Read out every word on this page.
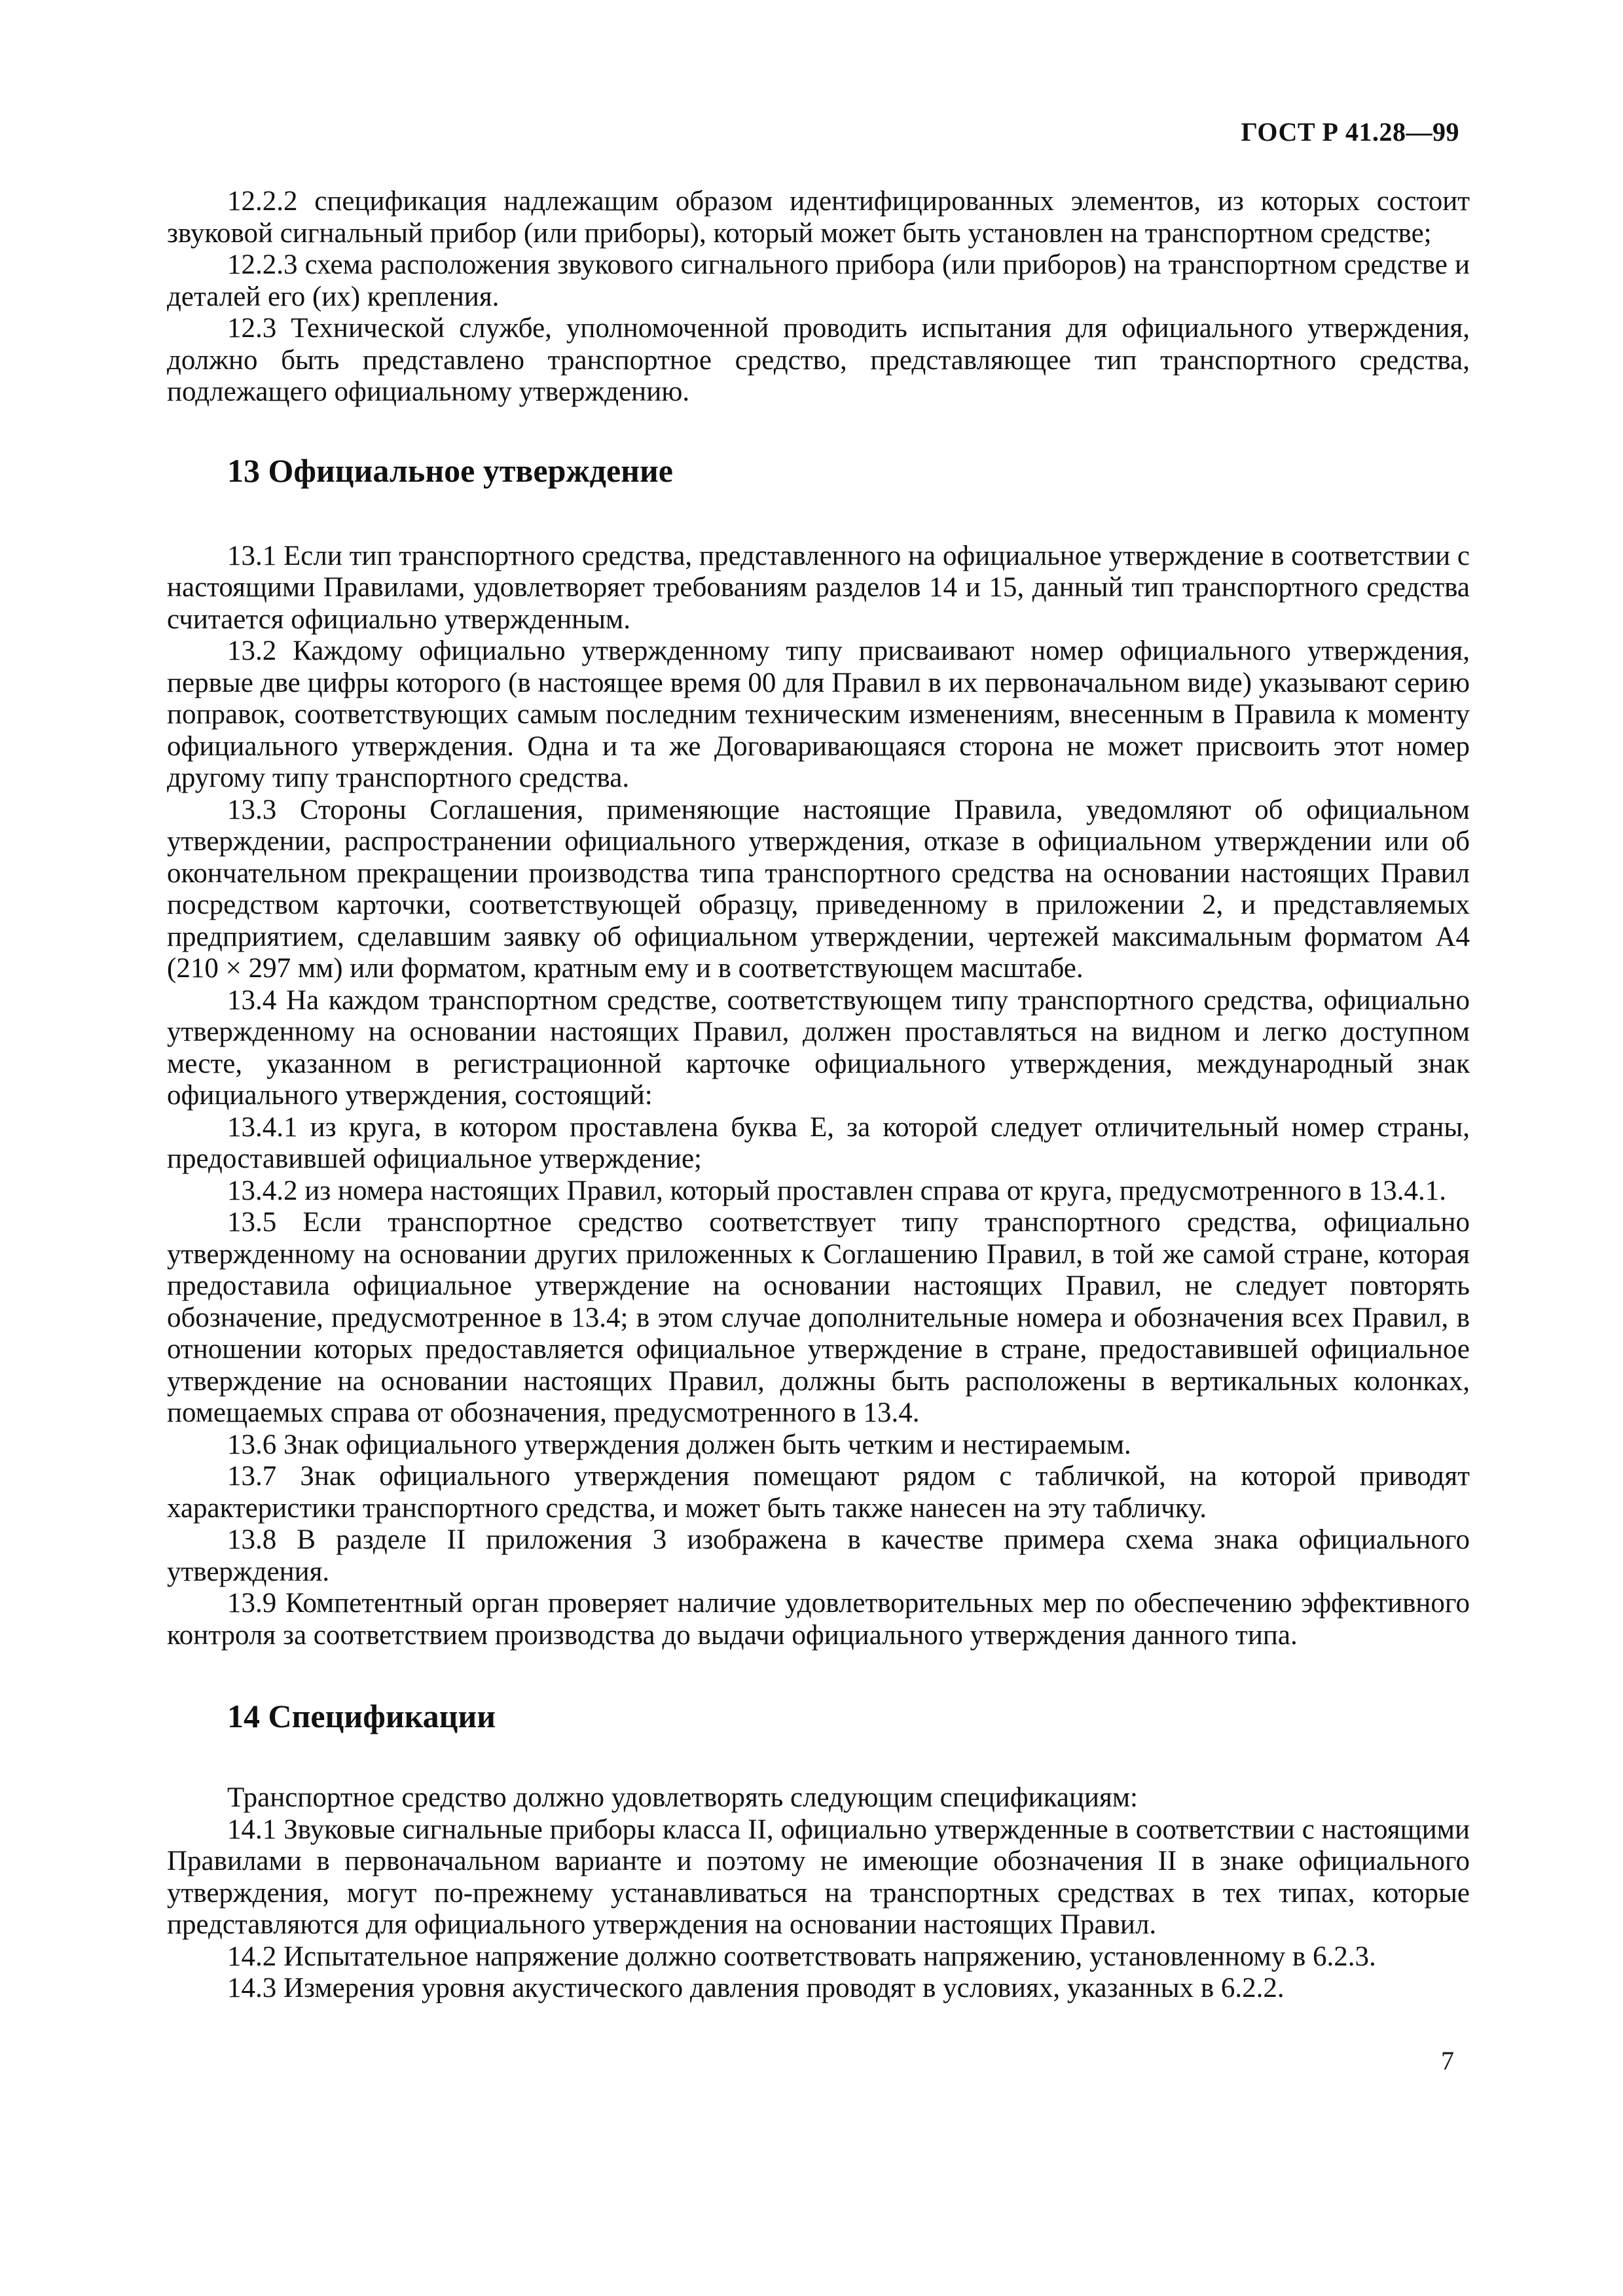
ГОСТ Р 41.28—99

12.2.2 спецификация надлежащим образом идентифицированных элементов, из которых состоит звуковой сигнальный прибор (или приборы), который может быть установлен на транспортном средстве;

12.2.3 схема расположения звукового сигнального прибора (или приборов) на транспортном средстве и деталей его (их) крепления.

12.3 Технической службе, уполномоченной проводить испытания для официального утверждения, должно быть представлено транспортное средство, представляющее тип транспортного средства, подлежащего официальному утверждению.

13 Официальное утверждение

13.1 Если тип транспортного средства, представленного на официальное утверждение в соответствии с настоящими Правилами, удовлетворяет требованиям разделов 14 и 15, данный тип транспортного средства считается официально утвержденным.

13.2 Каждому официально утвержденному типу присваивают номер официального утверждения, первые две цифры которого (в настоящее время 00 для Правил в их первоначальном виде) указывают серию поправок, соответствующих самым последним техническим изменениям, внесенным в Правила к моменту официального утверждения. Одна и та же Договаривающаяся сторона не может присвоить этот номер другому типу транспортного средства.

13.3 Стороны Соглашения, применяющие настоящие Правила, уведомляют об официальном утверждении, распространении официального утверждения, отказе в официальном утверждении или об окончательном прекращении производства типа транспортного средства на основании настоящих Правил посредством карточки, соответствующей образцу, приведенному в приложении 2, и представляемых предприятием, сделавшим заявку об официальном утверждении, чертежей максимальным форматом А4 (210 × 297 мм) или форматом, кратным ему и в соответствующем масштабе.

13.4 На каждом транспортном средстве, соответствующем типу транспортного средства, официально утвержденному на основании настоящих Правил, должен проставляться на видном и легко доступном месте, указанном в регистрационной карточке официального утверждения, международный знак официального утверждения, состоящий:

13.4.1 из круга, в котором проставлена буква Е, за которой следует отличительный номер страны, предоставившей официальное утверждение;

13.4.2 из номера настоящих Правил, который проставлен справа от круга, предусмотренного в 13.4.1.

13.5 Если транспортное средство соответствует типу транспортного средства, официально утвержденному на основании других приложенных к Соглашению Правил, в той же самой стране, которая предоставила официальное утверждение на основании настоящих Правил, не следует повторять обозначение, предусмотренное в 13.4; в этом случае дополнительные номера и обозначения всех Правил, в отношении которых предоставляется официальное утверждение в стране, предоставившей официальное утверждение на основании настоящих Правил, должны быть расположены в вертикальных колонках, помещаемых справа от обозначения, предусмотренного в 13.4.

13.6 Знак официального утверждения должен быть четким и нестираемым.

13.7 Знак официального утверждения помещают рядом с табличкой, на которой приводят характеристики транспортного средства, и может быть также нанесен на эту табличку.

13.8 В разделе II приложения 3 изображена в качестве примера схема знака официального утверждения.

13.9 Компетентный орган проверяет наличие удовлетворительных мер по обеспечению эффективного контроля за соответствием производства до выдачи официального утверждения данного типа.

14 Спецификации

Транспортное средство должно удовлетворять следующим спецификациям:

14.1 Звуковые сигнальные приборы класса II, официально утвержденные в соответствии с настоящими Правилами в первоначальном варианте и поэтому не имеющие обозначения II в знаке официального утверждения, могут по-прежнему устанавливаться на транспортных средствах в тех типах, которые представляются для официального утверждения на основании настоящих Правил.

14.2 Испытательное напряжение должно соответствовать напряжению, установленному в 6.2.3.

14.3 Измерения уровня акустического давления проводят в условиях, указанных в 6.2.2.

7
